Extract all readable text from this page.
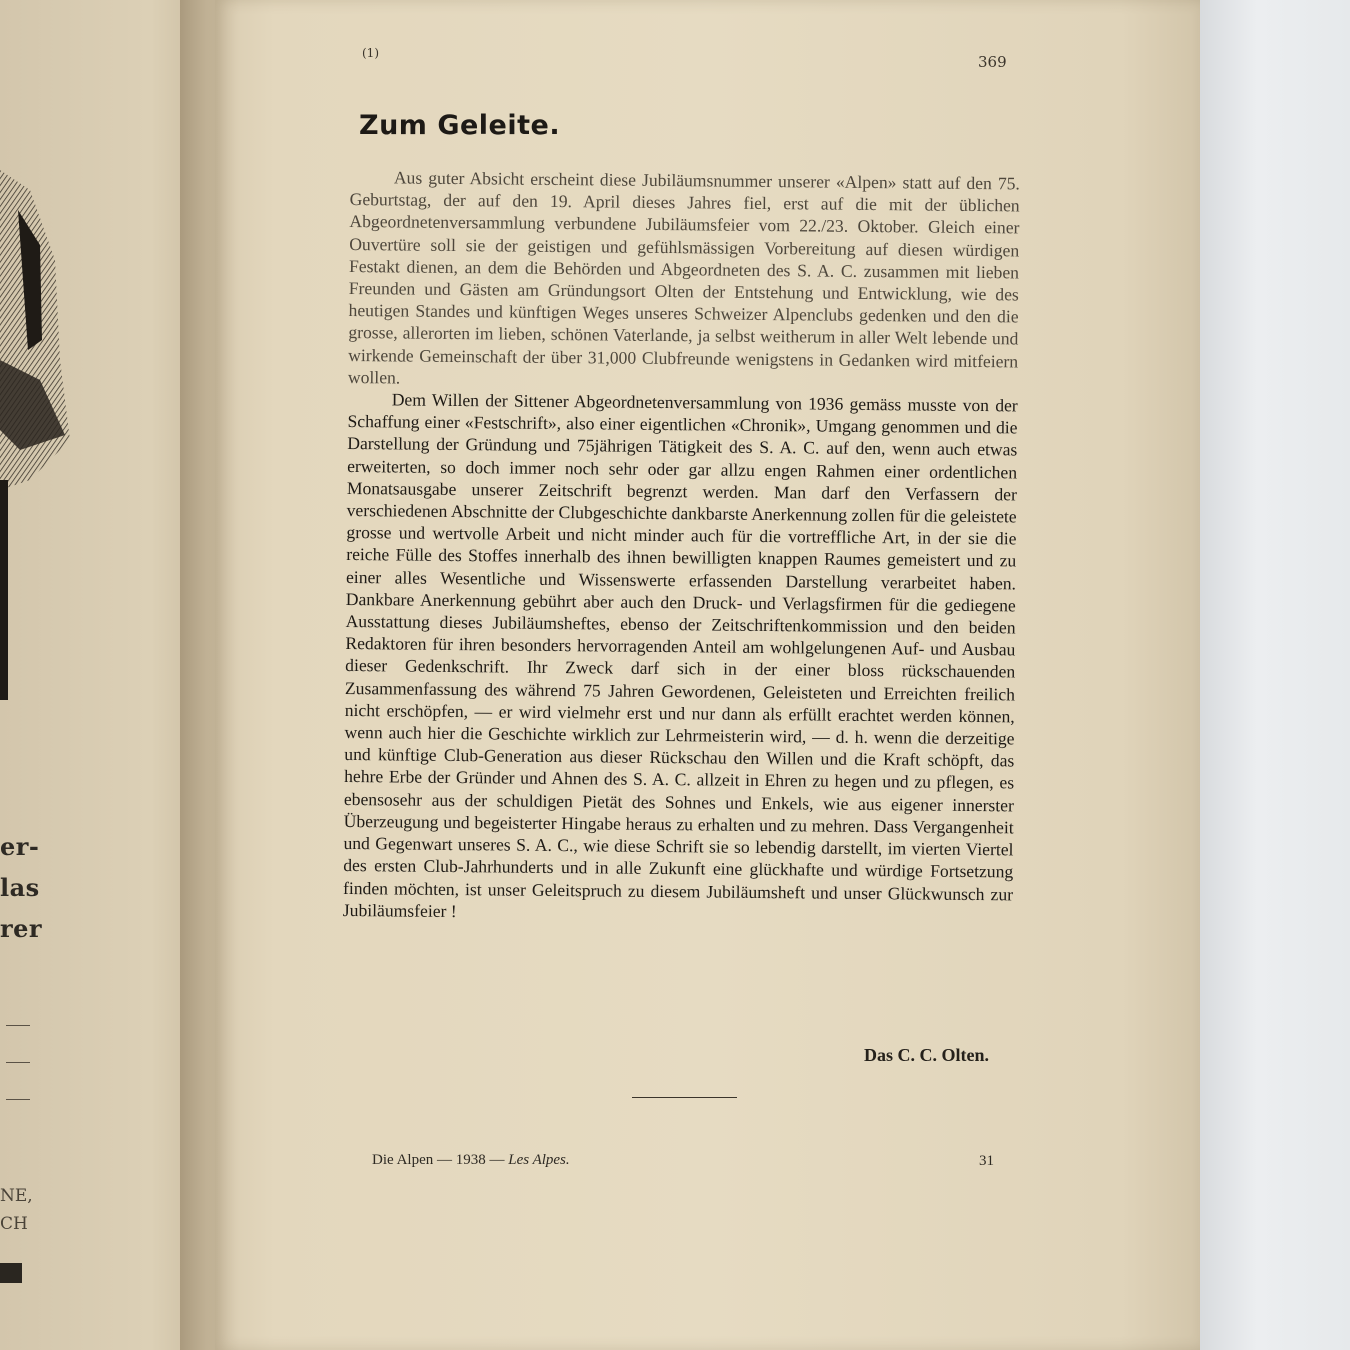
er-
las
rer
NE,
CH
(1)	369
Zum Geleite.

Aus guter Absicht erscheint diese Jubiläumsnummer unserer «Alpen» statt auf den 75. Geburtstag, der auf den 19. April dieses Jahres fiel, erst auf die mit der üblichen Abgeordnetenversammlung verbundene Jubiläumsfeier vom 22./23. Oktober. Gleich einer Ouvertüre soll sie der geistigen und gefühlsmässigen Vorbereitung auf diesen würdigen Festakt dienen, an dem die Behörden und Abgeordneten des S. A. C. zusammen mit lieben Freunden und Gästen am Gründungsort Olten der Entstehung und Entwicklung, wie des heutigen Standes und künftigen Weges unseres Schweizer Alpenclubs gedenken und den die grosse, allerorten im lieben, schönen Vaterlande, ja selbst weitherum in aller Welt lebende und wirkende Gemeinschaft der über 31,000 Clubfreunde wenigstens in Gedanken wird mitfeiern wollen.

Dem Willen der Sittener Abgeordnetenversammlung von 1936 gemäss musste von der Schaffung einer «Festschrift», also einer eigentlichen «Chronik», Umgang genommen und die Darstellung der Gründung und 75jährigen Tätigkeit des S. A. C. auf den, wenn auch etwas erweiterten, so doch immer noch sehr oder gar allzu engen Rahmen einer ordentlichen Monatsausgabe unserer Zeitschrift begrenzt werden. Man darf den Verfassern der verschiedenen Abschnitte der Clubgeschichte dankbarste Anerkennung zollen für die geleistete grosse und wertvolle Arbeit und nicht minder auch für die vortreffliche Art, in der sie die reiche Fülle des Stoffes innerhalb des ihnen bewilligten knappen Raumes gemeistert und zu einer alles Wesentliche und Wissenswerte erfassenden Darstellung verarbeitet haben. Dankbare Anerkennung gebührt aber auch den Druck- und Verlagsfirmen für die gediegene Ausstattung dieses Jubiläumsheftes, ebenso der Zeitschriftenkommission und den beiden Redaktoren für ihren besonders hervorragenden Anteil am wohlgelungenen Auf- und Ausbau dieser Gedenkschrift. Ihr Zweck darf sich in der einer bloss rückschauenden Zusammenfassung des während 75 Jahren Gewordenen, Geleisteten und Erreichten freilich nicht erschöpfen, — er wird vielmehr erst und nur dann als erfüllt erachtet werden können, wenn auch hier die Geschichte wirklich zur Lehrmeisterin wird, — d. h. wenn die derzeitige und künftige Club-Generation aus dieser Rückschau den Willen und die Kraft schöpft, das hehre Erbe der Gründer und Ahnen des S. A. C. allzeit in Ehren zu hegen und zu pflegen, es ebensosehr aus der schuldigen Pietät des Sohnes und Enkels, wie aus eigener innerster Überzeugung und begeisterter Hingabe heraus zu erhalten und zu mehren. Dass Vergangenheit und Gegenwart unseres S. A. C., wie diese Schrift sie so lebendig darstellt, im vierten Viertel des ersten Club-Jahrhunderts und in alle Zukunft eine glückhafte und würdige Fortsetzung finden möchten, ist unser Geleitspruch zu diesem Jubiläumsheft und unser Glückwunsch zur Jubiläumsfeier !

Das C. C. Olten.
Die Alpen — 1938 — Les Alpes.	31
